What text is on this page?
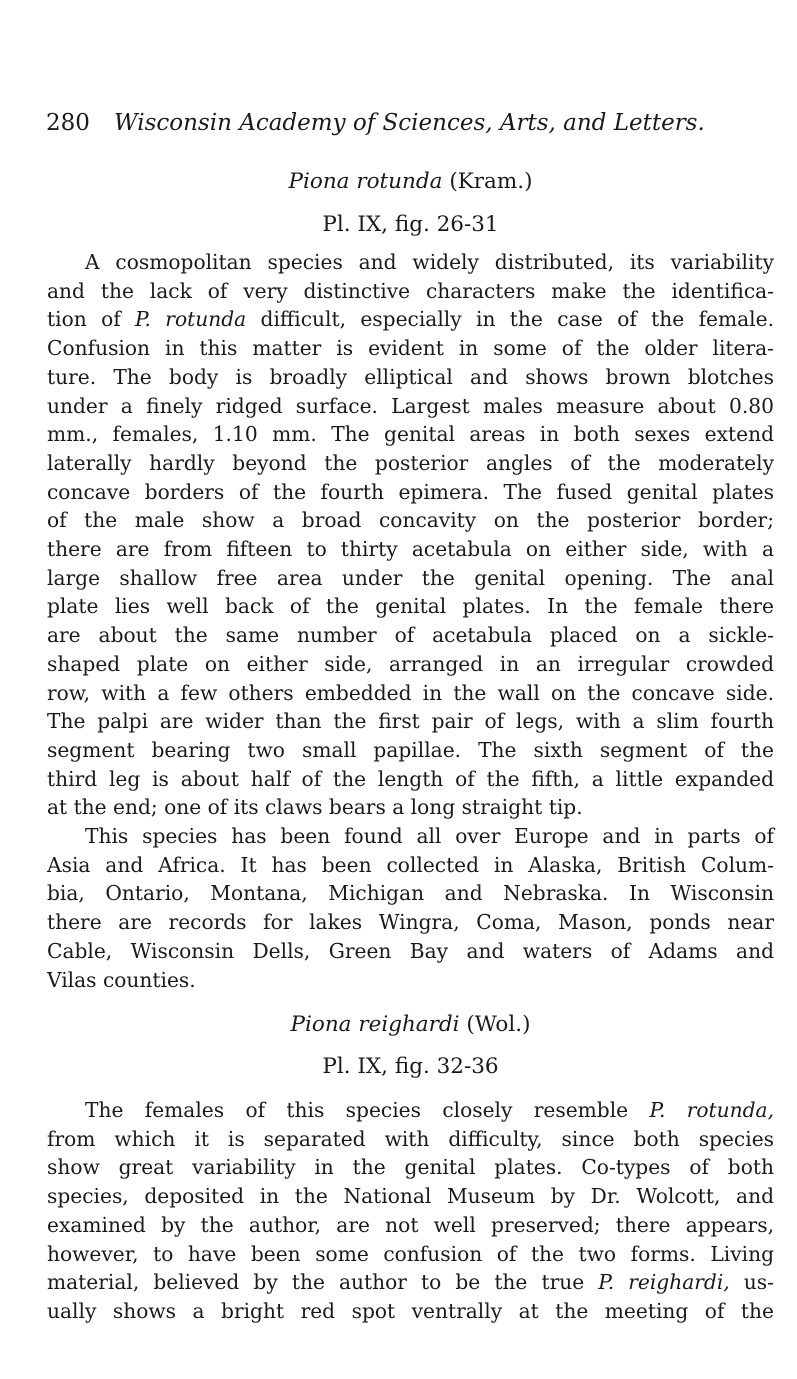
280 Wisconsin Academy of Sciences, Arts, and Letters.
Piona rotunda (Kram.)
Pl. IX, fig. 26-31
A cosmopolitan species and widely distributed, its variability
and the lack of very distinctive characters make the identifica-
tion of P. rotunda difficult, especially in the case of the female.
Confusion in this matter is evident in some of the older litera-
ture. The body is broadly elliptical and shows brown blotches
under a finely ridged surface. Largest males measure about 0.80
mm., females, 1.10 mm. The genital areas in both sexes extend
laterally hardly beyond the posterior angles of the moderately
concave borders of the fourth epimera. The fused genital plates
of the male show a broad concavity on the posterior border;
there are from fifteen to thirty acetabula on either side, with a
large shallow free area under the genital opening. The anal
plate lies well back of the genital plates. In the female there
are about the same number of acetabula placed on a sickle-
shaped plate on either side, arranged in an irregular crowded
row, with a few others embedded in the wall on the concave side.
The palpi are wider than the first pair of legs, with a slim fourth
segment bearing two small papillae. The sixth segment of the
third leg is about half of the length of the fifth, a little expanded
at the end; one of its claws bears a long straight tip.
This species has been found all over Europe and in parts of
Asia and Africa. It has been collected in Alaska, British Colum-
bia, Ontario, Montana, Michigan and Nebraska. In Wisconsin
there are records for lakes Wingra, Coma, Mason, ponds near
Cable, Wisconsin Dells, Green Bay and waters of Adams and
Vilas counties.
Piona reighardi (Wol.)
Pl. IX, fig. 32-36
The females of this species closely resemble P. rotunda,
from which it is separated with difficulty, since both species
show great variability in the genital plates. Co-types of both
species, deposited in the National Museum by Dr. Wolcott, and
examined by the author, are not well preserved; there appears,
however, to have been some confusion of the two forms. Living
material, believed by the author to be the true P. reighardi, us-
ually shows a bright red spot ventrally at the meeting of the
